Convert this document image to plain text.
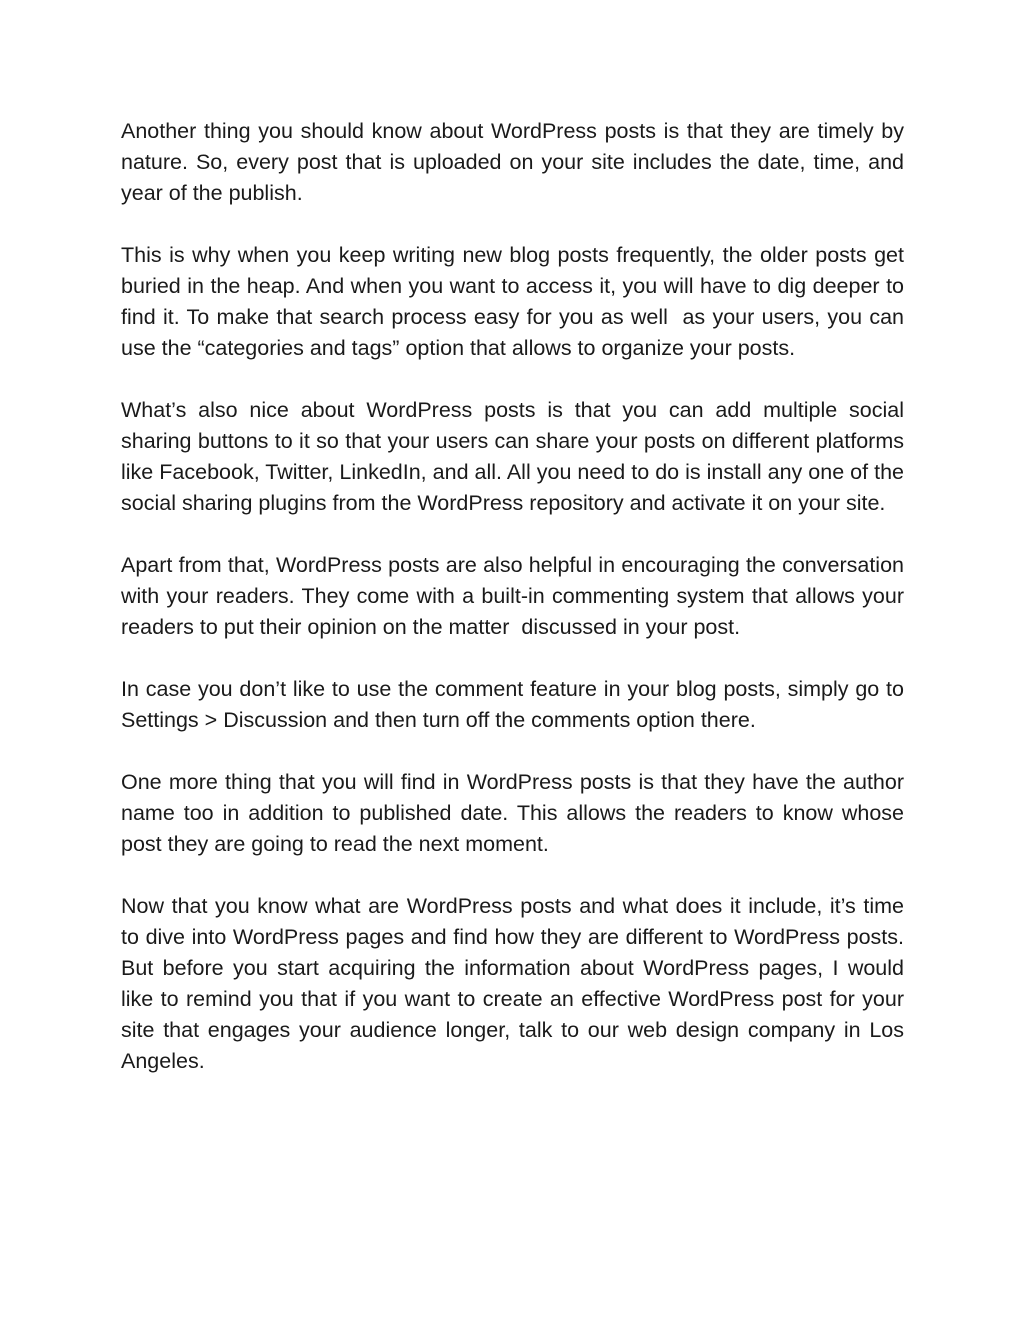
Another thing you should know about WordPress posts is that they are timely by nature. So, every post that is uploaded on your site includes the date, time, and year of the publish.

This is why when you keep writing new blog posts frequently, the older posts get buried in the heap. And when you want to access it, you will have to dig deeper to find it. To make that search process easy for you as well  as your users, you can use the “categories and tags” option that allows to organize your posts.

What’s also nice about WordPress posts is that you can add multiple social sharing buttons to it so that your users can share your posts on different platforms like Facebook, Twitter, LinkedIn, and all. All you need to do is install any one of the social sharing plugins from the WordPress repository and activate it on your site.

Apart from that, WordPress posts are also helpful in encouraging the conversation with your readers. They come with a built-in commenting system that allows your readers to put their opinion on the matter  discussed in your post.

In case you don’t like to use the comment feature in your blog posts, simply go to Settings > Discussion and then turn off the comments option there.

One more thing that you will find in WordPress posts is that they have the author name too in addition to published date. This allows the readers to know whose post they are going to read the next moment.

Now that you know what are WordPress posts and what does it include, it’s time to dive into WordPress pages and find how they are different to WordPress posts. But before you start acquiring the information about WordPress pages, I would like to remind you that if you want to create an effective WordPress post for your site that engages your audience longer, talk to our web design company in Los Angeles.
